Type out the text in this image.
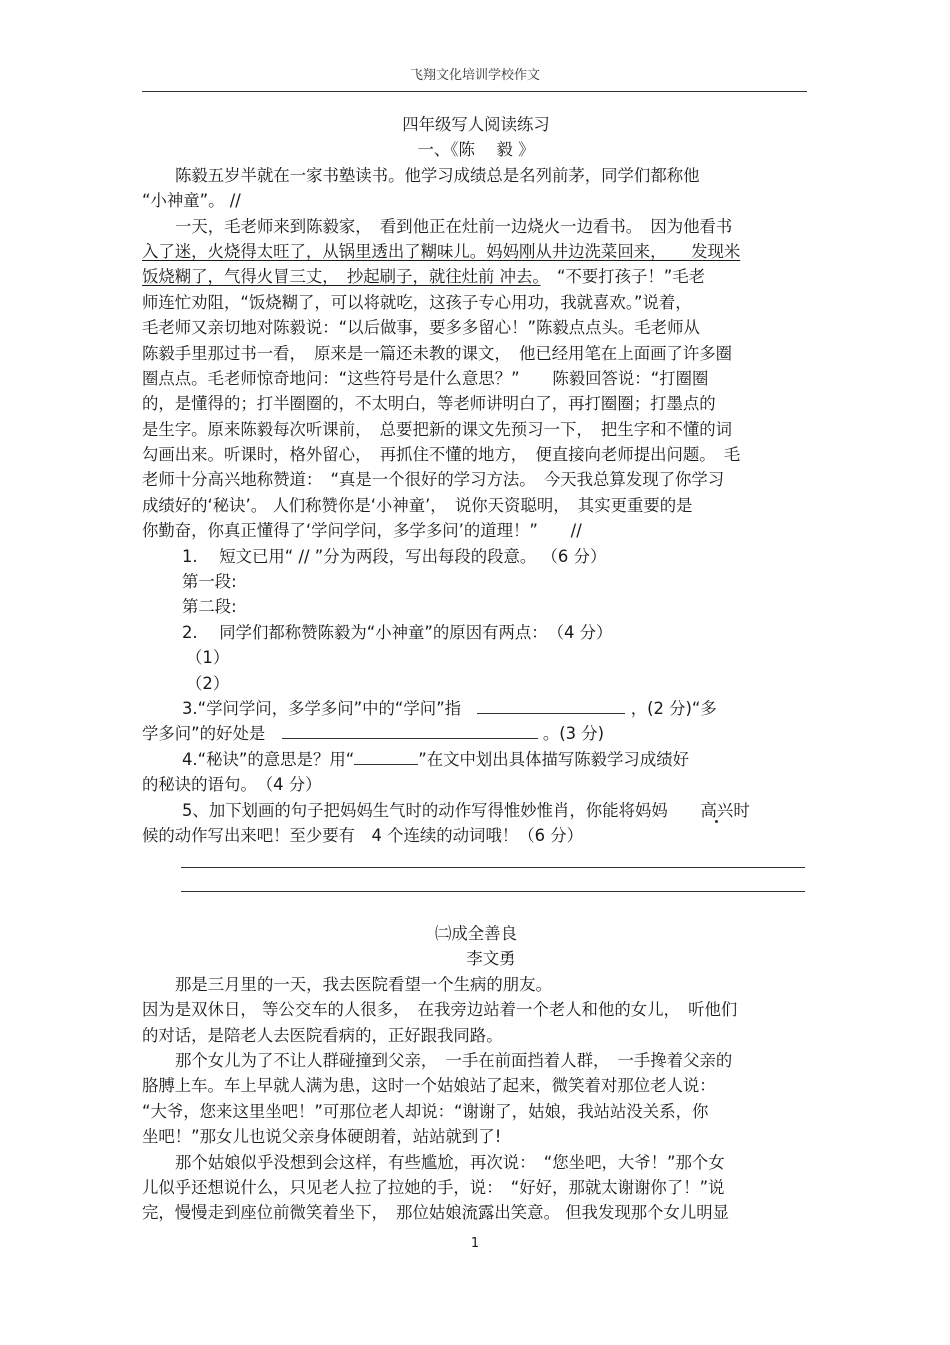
飞翔文化培训学校作文
四年级写人阅读练习
一、《陈　 毅 》
陈毅五岁半就在一家书塾读书。他学习成绩总是名列前茅，同学们都称他
“小神童”。 //
一天，毛老师来到陈毅家，　看到他正在灶前一边烧火一边看书。　因为他看书
入了迷，火烧得太旺了，从锅里透出了糊味儿。妈妈刚从井边洗菜回来，　　发现米
饭烧糊了，气得火冒三丈，　抄起刷子，就往灶前 冲去。　 “不要打孩子！”毛老
师连忙劝阻，“饭烧糊了，可以将就吃，这孩子专心用功，我就喜欢。”说着，
毛老师又亲切地对陈毅说：“以后做事，要多多留心！”陈毅点点头。毛老师从
陈毅手里那过书一看，　原来是一篇还未教的课文，　他已经用笔在上面画了许多圈
圈点点。毛老师惊奇地问：“这些符号是什么意思？”　　陈毅回答说：“打圈圈
的，是懂得的；打半圈圈的，不太明白，等老师讲明白了，再打圈圈；打墨点的
是生字。原来陈毅每次听课前，　总要把新的课文先预习一下，　把生字和不懂的词
勾画出来。听课时，格外留心，　再抓住不懂的地方，　便直接向老师提出问题。　毛
老师十分高兴地称赞道：　“真是一个很好的学习方法。　今天我总算发现了你学习
成绩好的‘秘诀’。 人们称赞你是‘小神童’，　说你天资聪明，　其实更重要的是
你勤奋，你真正懂得了‘学问学问，多学多问’的道理！”　　//
1.　 短文已用“ // ”分为两段，写出每段的段意。 （6 分）
第一段:
第二段:
2.　 同学们都称赞陈毅为“小神童”的原因有两点：　（4 分）
（1）
（2）
3.“学问学问，多学多问”中的“学问”指　	，(2 分)“多
学多问”的好处是　	。(3 分)
4.“秘诀”的意思是？用“	”在文中划出具体描写陈毅学习成绩好
的秘诀的语句。　（4 分）
5、加下划画的句子把妈妈生气时的动作写得惟妙惟肖，你能将妈妈　　 高兴时
候的动作写出来吧！至少要有　4 个连续的动词哦！（6 分）
㈡成全善良
李文勇
那是三月里的一天，我去医院看望一个生病的朋友。
因为是双休日， 等公交车的人很多，　在我旁边站着一个老人和他的女儿，　听他们
的对话，是陪老人去医院看病的，正好跟我同路。
那个女儿为了不让人群碰撞到父亲，　一手在前面挡着人群，　一手搀着父亲的
胳膊上车。车上早就人满为患，这时一个姑娘站了起来，微笑着对那位老人说：
“大爷，您来这里坐吧！”可那位老人却说：“谢谢了，姑娘，我站站没关系，你
坐吧！”那女儿也说父亲身体硬朗着，站站就到了!
那个姑娘似乎没想到会这样，有些尴尬，再次说：　“您坐吧，大爷！”那个女
儿似乎还想说什么，只见老人拉了拉她的手，说：　“好好，那就太谢谢你了！”说
完，慢慢走到座位前微笑着坐下，　那位姑娘流露出笑意。 但我发现那个女儿明显
1
